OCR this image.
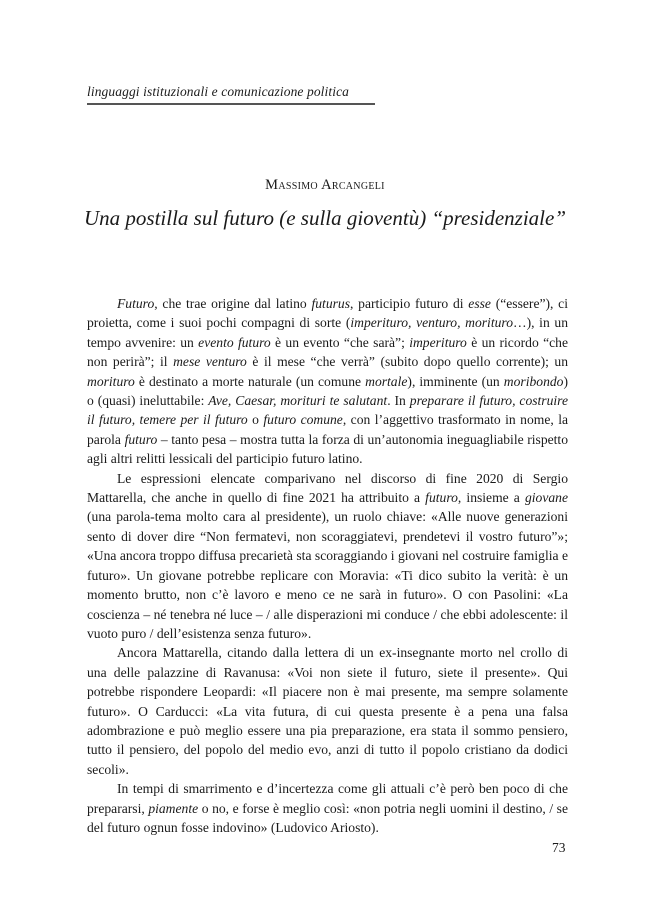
linguaggi istituzionali e comunicazione politica
Massimo Arcangeli
Una postilla sul futuro (e sulla gioventù) “presidenziale”

Futuro, che trae origine dal latino futurus, participio futuro di esse (“essere”), ci proietta, come i suoi pochi compagni di sorte (imperituro, venturo, morituro…), in un tempo avvenire: un evento futuro è un evento “che sarà”; imperituro è un ricordo “che non perirà”; il mese venturo è il mese “che verrà” (subito dopo quello corrente); un morituro è destinato a morte naturale (un comune mortale), imminente (un moribondo) o (quasi) ineluttabile: Ave, Caesar, morituri te salutant. In preparare il futuro, costruire il futuro, temere per il futuro o futuro comune, con l’aggettivo trasformato in nome, la parola futuro – tanto pesa – mostra tutta la forza di un’autonomia ineguagliabile rispetto agli altri relitti lessicali del participio futuro latino.

Le espressioni elencate comparivano nel discorso di fine 2020 di Sergio Mattarella, che anche in quello di fine 2021 ha attribuito a futuro, insieme a giovane (una parola-tema molto cara al presidente), un ruolo chiave: «Alle nuove generazioni sento di dover dire “Non fermatevi, non scoraggiatevi, prendetevi il vostro futuro”»; «Una ancora troppo diffusa precarietà sta scoraggiando i giovani nel costruire famiglia e futuro». Un giovane potrebbe replicare con Moravia: «Ti dico subito la verità: è un momento brutto, non c’è lavoro e meno ce ne sarà in futuro». O con Pasolini: «La coscienza – né tenebra né luce – / alle disperazioni mi conduce / che ebbi adolescente: il vuoto puro / dell’esistenza senza futuro».

Ancora Mattarella, citando dalla lettera di un ex-insegnante morto nel crollo di una delle palazzine di Ravanusa: «Voi non siete il futuro, siete il presente». Qui potrebbe rispondere Leopardi: «Il piacere non è mai presente, ma sempre solamente futuro». O Carducci: «La vita futura, di cui questa presente è a pena una falsa adombrazione e può meglio essere una pia preparazione, era stata il sommo pensiero, tutto il pensiero, del popolo del medio evo, anzi di tutto il popolo cristiano da dodici secoli».

In tempi di smarrimento e d’incertezza come gli attuali c’è però ben poco di che prepararsi, piamente o no, e forse è meglio così: «non potria negli uomini il destino, / se del futuro ognun fosse indovino» (Ludovico Ariosto).

73
